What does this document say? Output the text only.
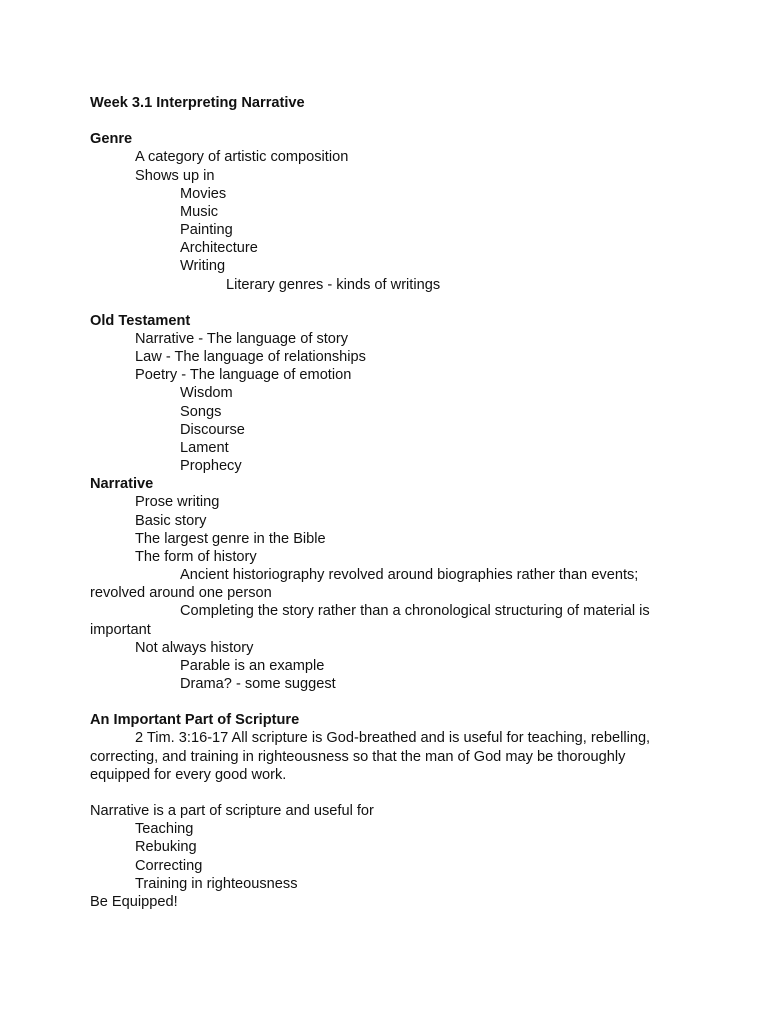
Week 3.1 Interpreting Narrative
Genre
A category of artistic composition
Shows up in
Movies
Music
Painting
Architecture
Writing
Literary genres - kinds of writings
Old Testament
Narrative - The language of story
Law - The language of relationships
Poetry - The language of emotion
Wisdom
Songs
Discourse
Lament
Prophecy
Narrative
Prose writing
Basic story
The largest genre in the Bible
The form of history
Ancient historiography revolved around biographies rather than events; revolved around one person
Completing the story rather than a chronological structuring of material is important
Not always history
Parable is an example
Drama? - some suggest
An Important Part of Scripture
2 Tim. 3:16-17 All scripture is God-breathed and is useful for teaching, rebelling, correcting, and training in righteousness so that the man of God may be thoroughly equipped for every good work.
Narrative is a part of scripture and useful for
Teaching
Rebuking
Correcting
Training in righteousness
Be Equipped!
